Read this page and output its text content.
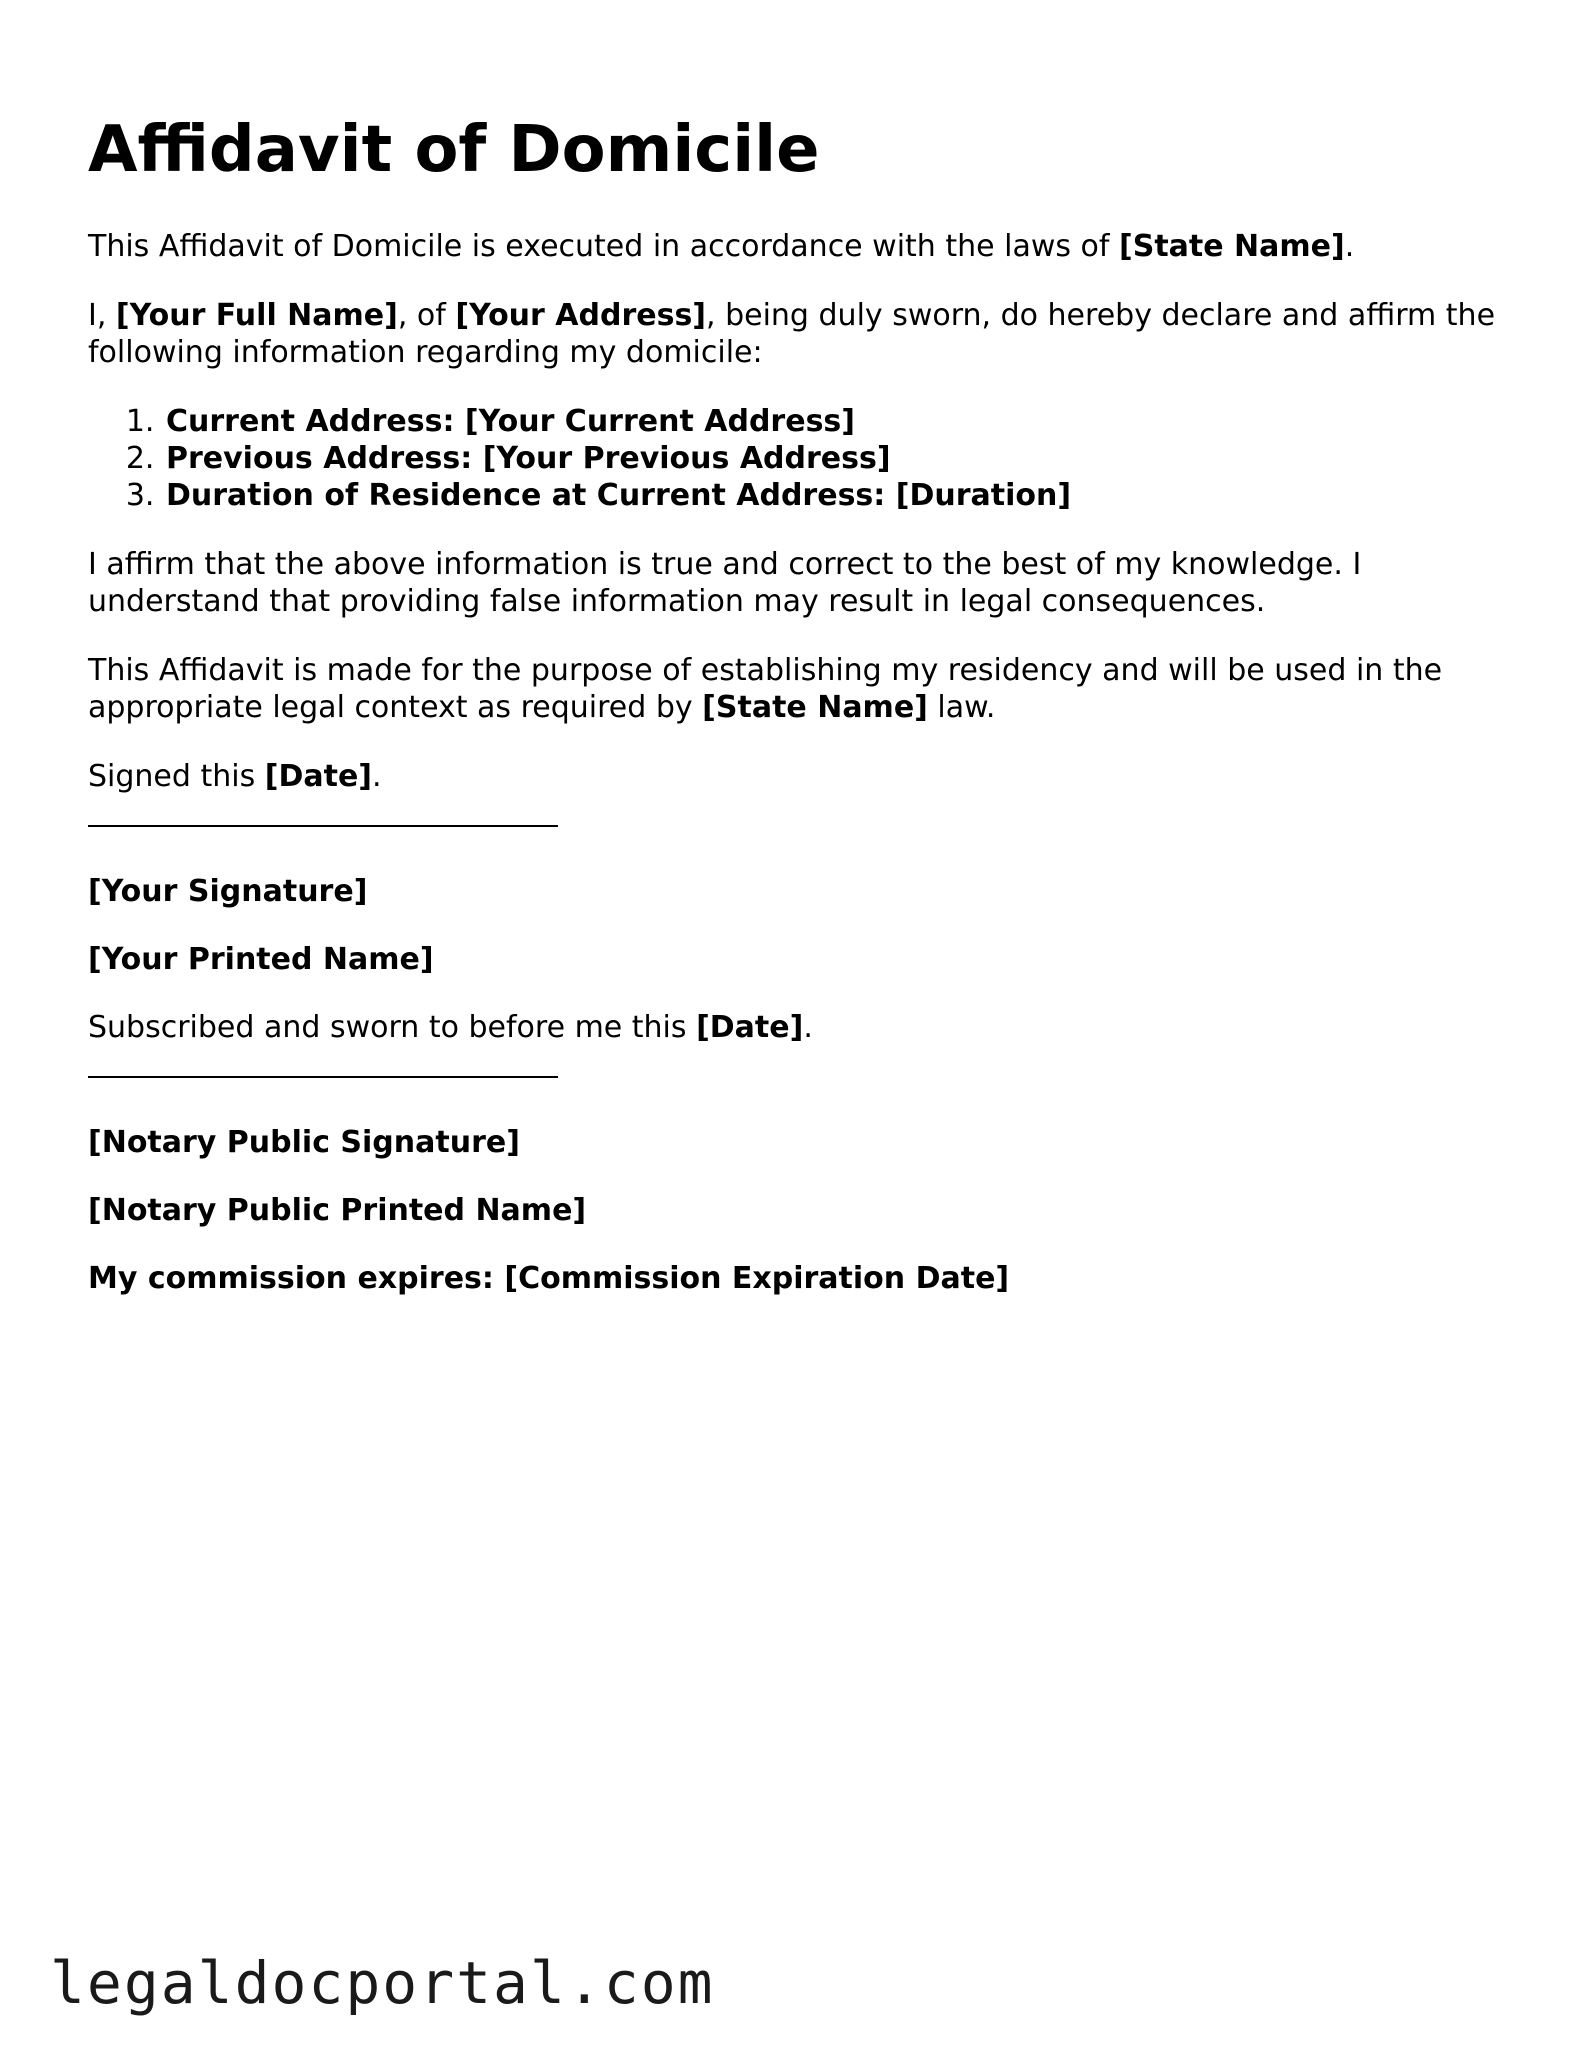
Affidavit of Domicile

This Affidavit of Domicile is executed in accordance with the laws of [State Name].

I, [Your Full Name], of [Your Address], being duly sworn, do hereby declare and affirm the following information regarding my domicile:

1. Current Address: [Your Current Address]
2. Previous Address: [Your Previous Address]
3. Duration of Residence at Current Address: [Duration]

I affirm that the above information is true and correct to the best of my knowledge. I understand that providing false information may result in legal consequences.

This Affidavit is made for the purpose of establishing my residency and will be used in the appropriate legal context as required by [State Name] law.

Signed this [Date].

[Your Signature]

[Your Printed Name]

Subscribed and sworn to before me this [Date].

[Notary Public Signature]

[Notary Public Printed Name]

My commission expires: [Commission Expiration Date]

legaldocportal.com
